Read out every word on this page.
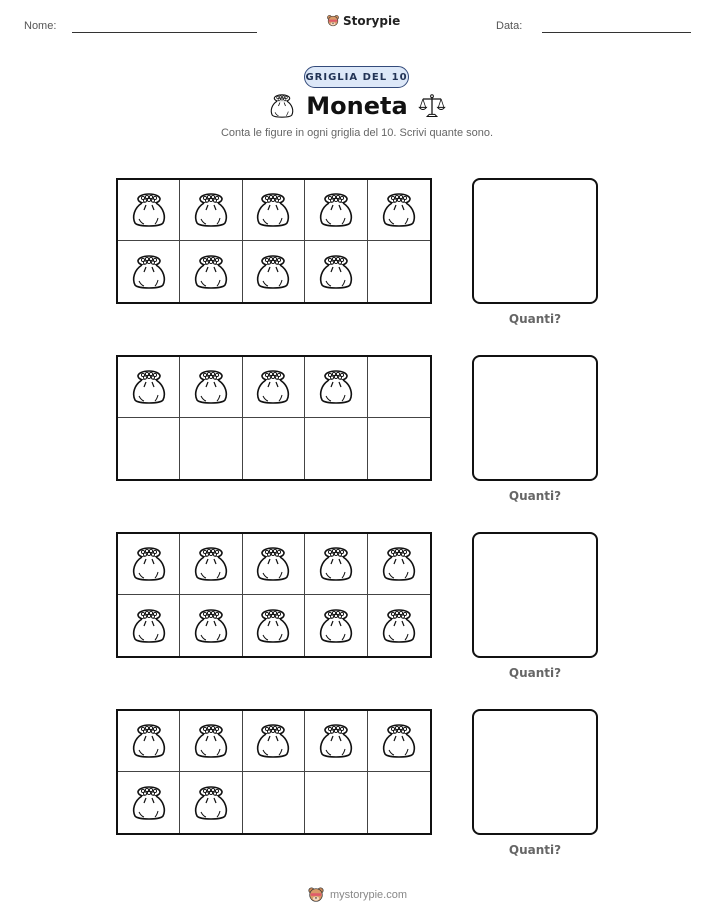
Nome:	Storypie	Data:
GRIGLIA DEL 10
Moneta
Conta le figure in ogni griglia del 10. Scrivi quante sono.
Quanti?
Quanti?
Quanti?
Quanti?
mystorypie.com
